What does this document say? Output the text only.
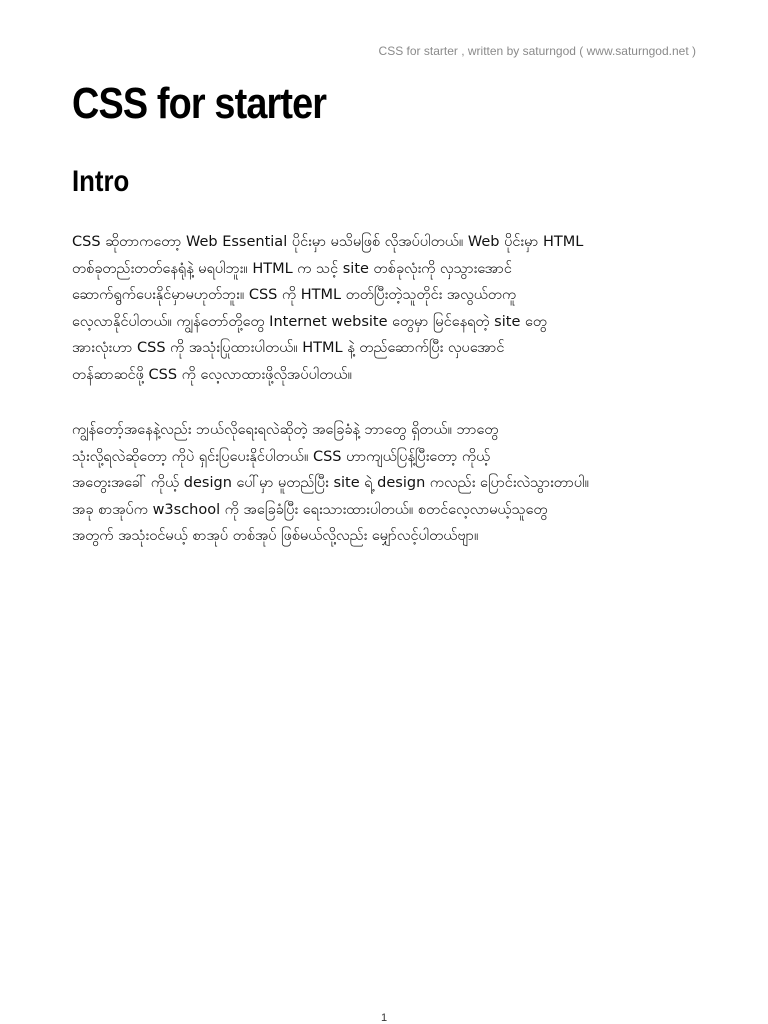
CSS for starter , written by saturngod ( www.saturngod.net )
CSS for starter
Intro
CSS ဆိုတာကတော့ Web Essential ပိုင်းမှာ မသိမဖြစ် လိုအပ်ပါတယ်။ Web ပိုင်းမှာ HTML
တစ်ခုတည်းတတ်နေရုံနဲ့ မရပါဘူး။ HTML က သင့် site တစ်ခုလုံးကို လှသွားအောင်
ဆောက်ရွက်ပေးနိုင်မှာမဟုတ်ဘူး။ CSS ကို HTML တတ်ပြီးတဲ့သူတိုင်း အလွယ်တကူ
လေ့လာနိုင်ပါတယ်။ ကျွန်တော်တို့တွေ Internet website တွေမှာ မြင်နေရတဲ့ site တွေ
အားလုံးဟာ CSS ကို အသုံးပြုထားပါတယ်။ HTML နဲ့ တည်ဆောက်ပြီး လှပအောင်
တန်ဆာဆင်ဖို့ CSS ကို လေ့လာထားဖို့လိုအပ်ပါတယ်။
ကျွန်တော့်အနေနဲ့လည်း ဘယ်လိုရေးရလဲဆိုတဲ့ အခြေခံနဲ့ ဘာတွေ ရှိတယ်။ ဘာတွေ
သုံးလို့ရလဲဆိုတော့ ကိုပဲ ရှင်းပြပေးနိုင်ပါတယ်။ CSS ဟာကျယ်ပြန့်ပြီးတော့ ကိုယ့်
အတွေးအခေါ် ကိုယ့် design ပေါ်မှာ မူတည်ပြီး site ရဲ့ design ကလည်း ပြောင်းလဲသွားတာပါ။
အခု စာအုပ်က w3school ကို အခြေခံပြီး ရေးသားထားပါတယ်။ စတင်လေ့လာမယ့်သူတွေ
အတွက် အသုံးဝင်မယ့် စာအုပ် တစ်အုပ် ဖြစ်မယ်လို့လည်း မျှော်လင့်ပါတယ်ဗျာ။
1
